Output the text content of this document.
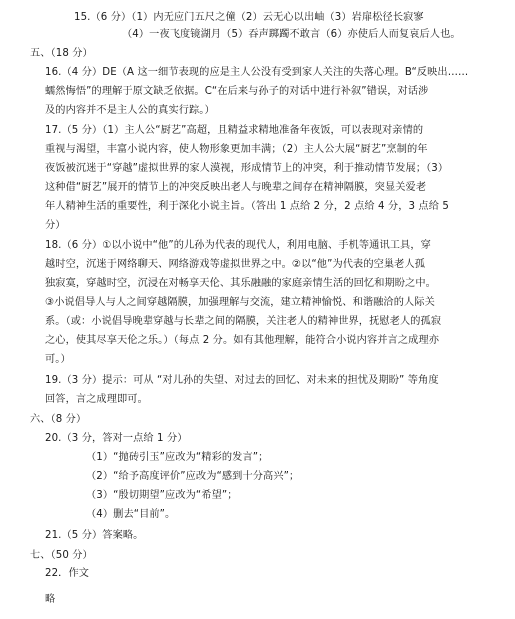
15.（6 分）（1）内无应门五尺之僮（2）云无心以出岫（3）岩扉松径长寂寥
（4）一夜飞度镜湖月（5）吞声踯躅不敢言（6）亦使后人而复哀后人也。
五、（18 分）
16.（4 分）DE（A 这一细节表现的应是主人公没有受到家人关注的失落心理。B“反映出……
蠕然悔悟”的理解于原文缺乏依据。C“在后来与孙子的对话中进行补叙”错误，对话涉
及的内容并不是主人公的真实行踪。）
17.（5 分）（1）主人公“厨艺”高超，且精益求精地准备年夜饭，可以表现对亲情的
重视与渴望，丰富小说内容，使人物形象更加丰满；（2）主人公大展“厨艺”烹制的年
夜饭被沉迷于“穿越”虚拟世界的家人漠视，形成情节上的冲突，利于推动情节发展；（3）
这种借“厨艺”展开的情节上的冲突反映出老人与晚辈之间存在精神隔膜，突显关爱老
年人精神生活的重要性，利于深化小说主旨。（答出 1 点给 2 分，2 点给 4 分，3 点给 5
分）
18.（6 分）①以小说中“他”的儿孙为代表的现代人，利用电脑、手机等通讯工具，穿
越时空，沉迷于网络聊天、网络游戏等虚拟世界之中。②以“他”为代表的空巢老人孤
独寂寞，穿越时空，沉浸在对畅享天伦、其乐融融的家庭亲情生活的回忆和期盼之中。
③小说倡导人与人之间穿越隔膜，加强理解与交流，建立精神愉悦、和谐融洽的人际关
系。（或：小说倡导晚辈穿越与长辈之间的隔膜，关注老人的精神世界，抚慰老人的孤寂
之心，使其尽享天伦之乐。）（每点 2 分。如有其他理解，能符合小说内容并言之成理亦
可。）
19.（3 分）提示：可从 “对儿孙的失望、对过去的回忆、对未来的担忧及期盼” 等角度
回答，言之成理即可。
六、（8 分）
20.（3 分，答对一点给 1 分）
（1）“抛砖引玉”应改为“精彩的发言”；
（2）“给予高度评价”应改为“感到十分高兴”；
（3）“殷切期望”应改为“希望”；
（4）删去“目前”。
21.（5 分）答案略。
七、（50 分）
22．作文
略
